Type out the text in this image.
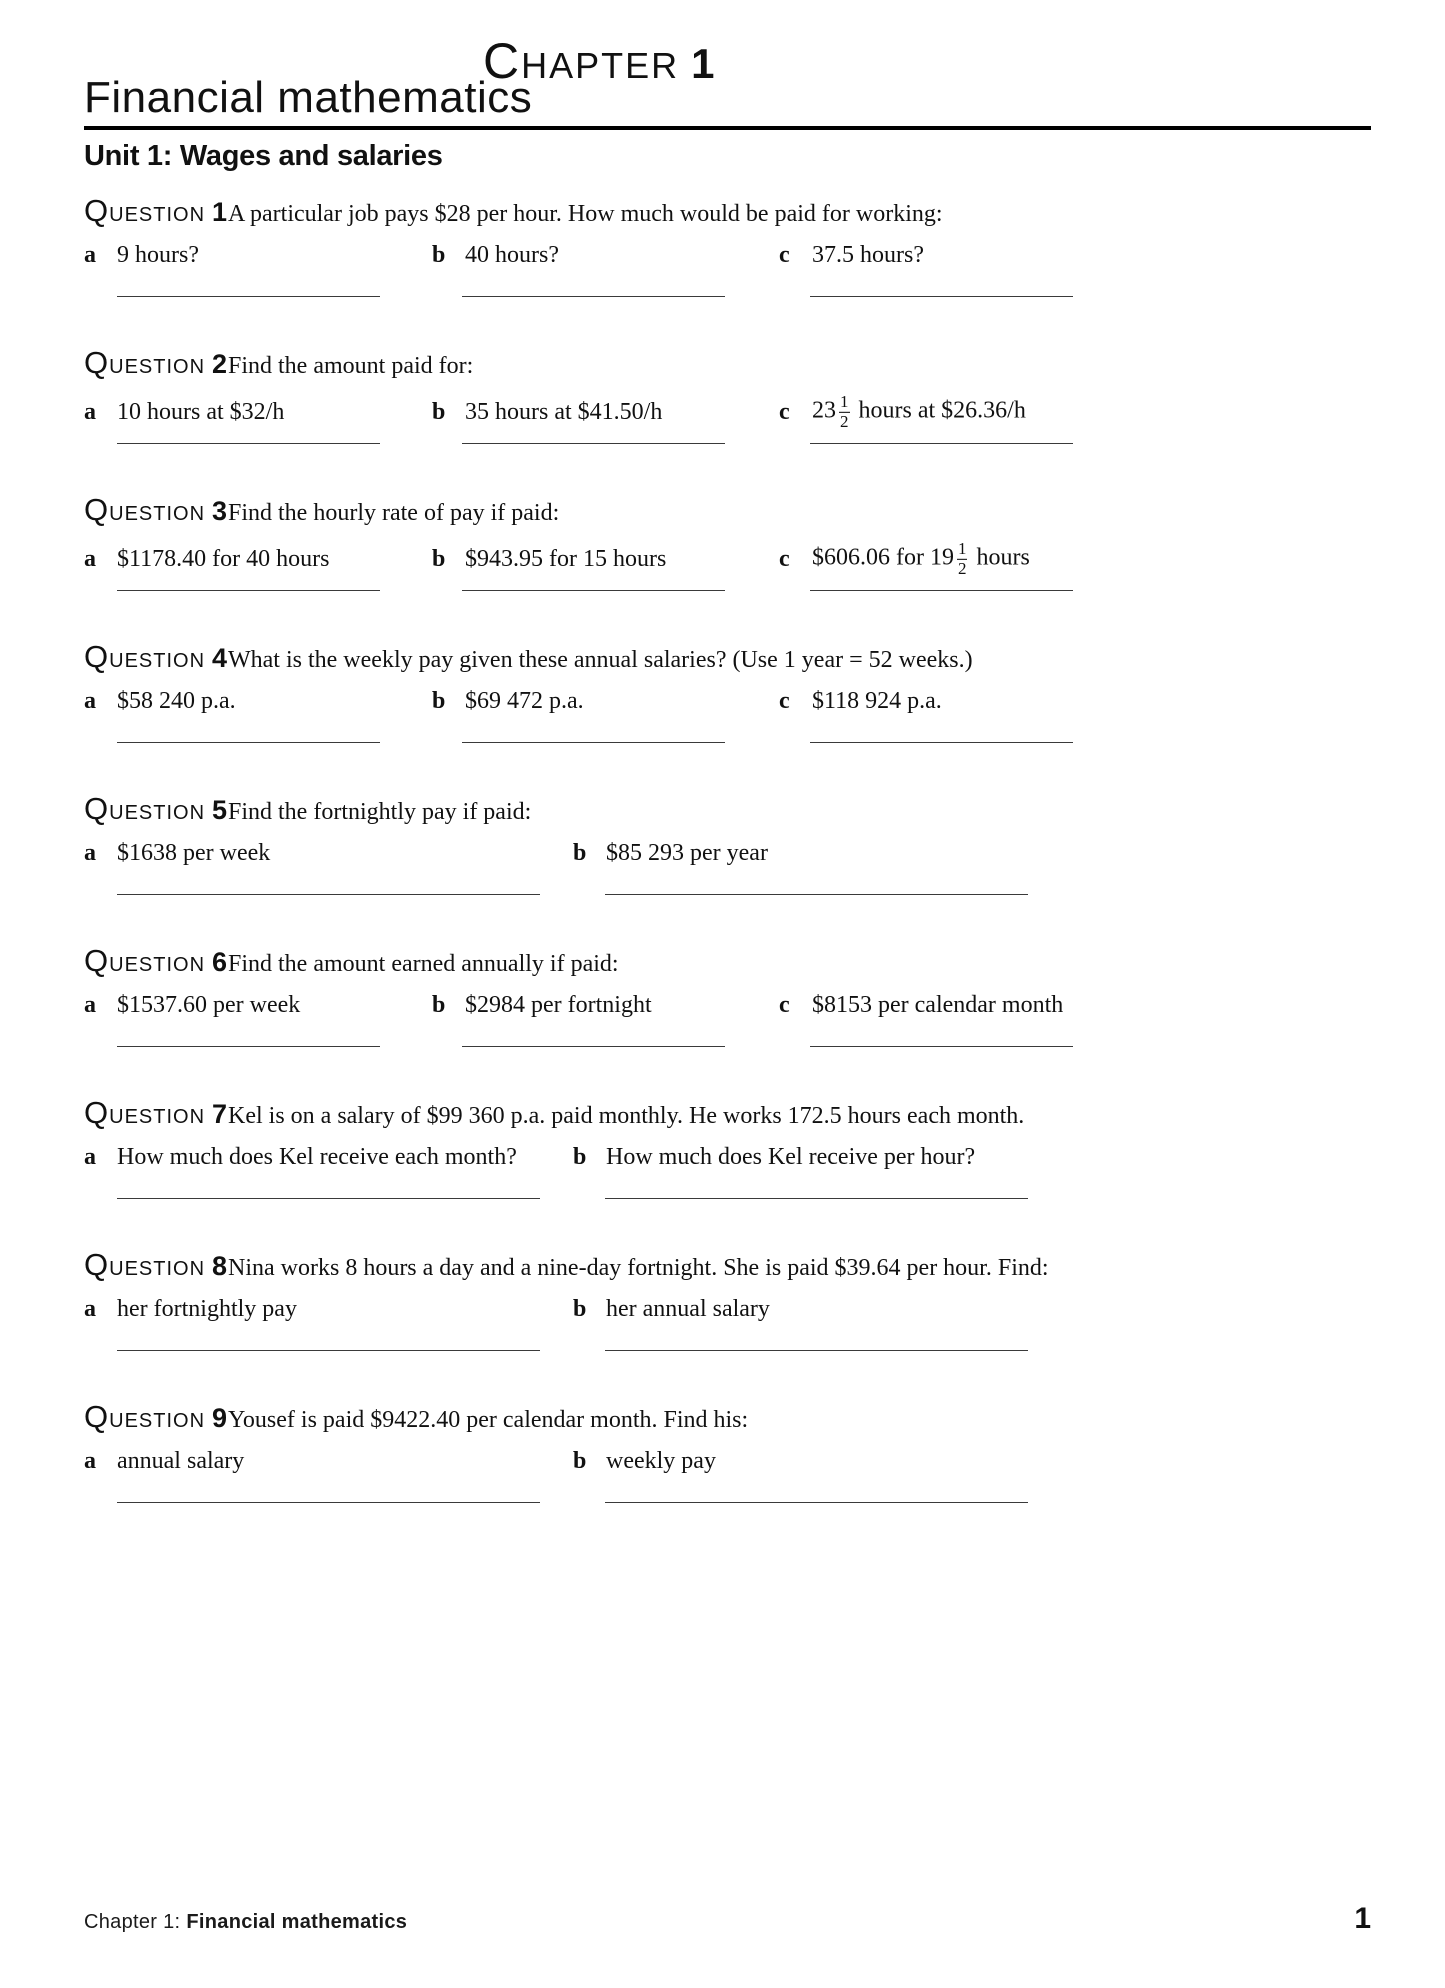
CHAPTER 1
Financial mathematics
Unit 1: Wages and salaries
QUESTION 1 A particular job pays $28 per hour. How much would be paid for working:
a 9 hours?	b 40 hours?	c 37.5 hours?
QUESTION 2 Find the amount paid for:
a 10 hours at $32/h	b 35 hours at $41.50/h	c $23 \frac{1}{2}$ hours at $26.36/h
QUESTION 3 Find the hourly rate of pay if paid:
a $1178.40 for 40 hours	b $943.95 for 15 hours	c $606.06 for $19 \frac{1}{2}$ hours
QUESTION 4 What is the weekly pay given these annual salaries? (Use 1 year = 52 weeks.)
a $58 240 p.a.	b $69 472 p.a.	c $118 924 p.a.
QUESTION 5 Find the fortnightly pay if paid:
a $1638 per week	b $85 293 per year
QUESTION 6 Find the amount earned annually if paid:
a $1537.60 per week	b $2984 per fortnight	c $8153 per calendar month
QUESTION 7 Kel is on a salary of $99 360 p.a. paid monthly. He works 172.5 hours each month.
a How much does Kel receive each month? b How much does Kel receive per hour?
QUESTION 8 Nina works 8 hours a day and a nine-day fortnight. She is paid $39.64 per hour. Find:
a her fortnightly pay	b her annual salary
QUESTION 9 Yousef is paid $9422.40 per calendar month. Find his:
a annual salary	b weekly pay
Chapter 1: Financial mathematics	1
